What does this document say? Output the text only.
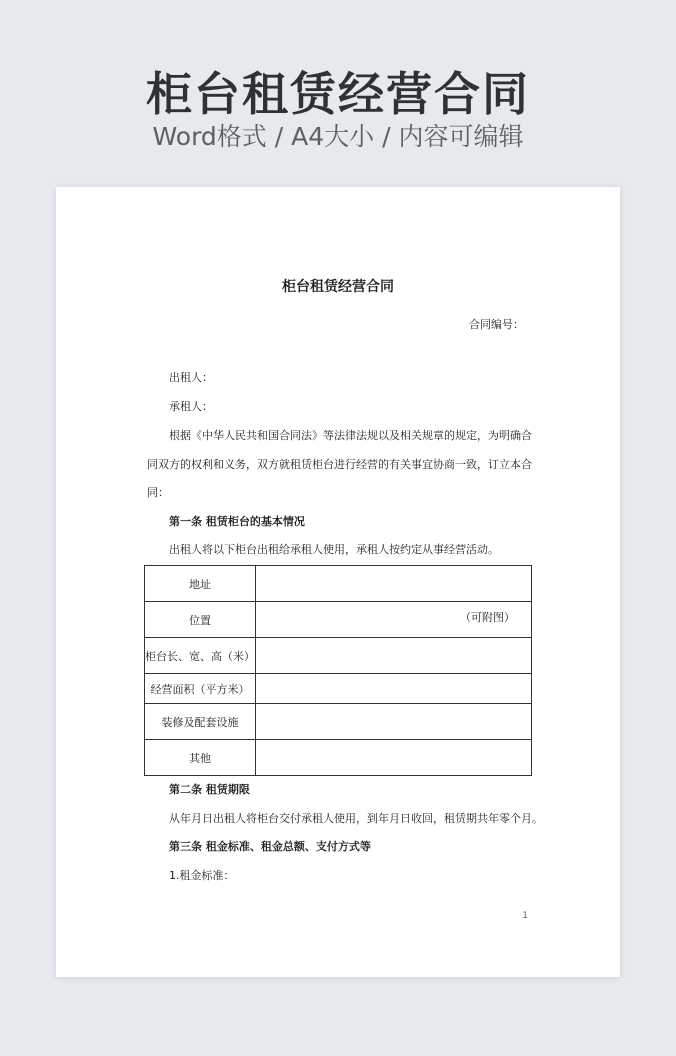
柜台租赁经营合同
Word格式 / A4大小 / 内容可编辑
柜台租赁经营合同
合同编号：
出租人：
承租人：
根据《中华人民共和国合同法》等法律法规以及相关规章的规定，为明确合
同双方的权利和义务，双方就租赁柜台进行经营的有关事宜协商一致，订立本合
同：
第一条 租赁柜台的基本情况
出租人将以下柜台出租给承租人使用，承租人按约定从事经营活动。
地址	
位置	（可附图）

柜台长、宽、高（米）	
经营面积（平方米）	
装修及配套设施	
其他	
第二条 租赁期限
从年月日出租人将柜台交付承租人使用，到年月日收回，租赁期共年零个月。
第三条 租金标准、租金总额、支付方式等
1.租金标准：
1
